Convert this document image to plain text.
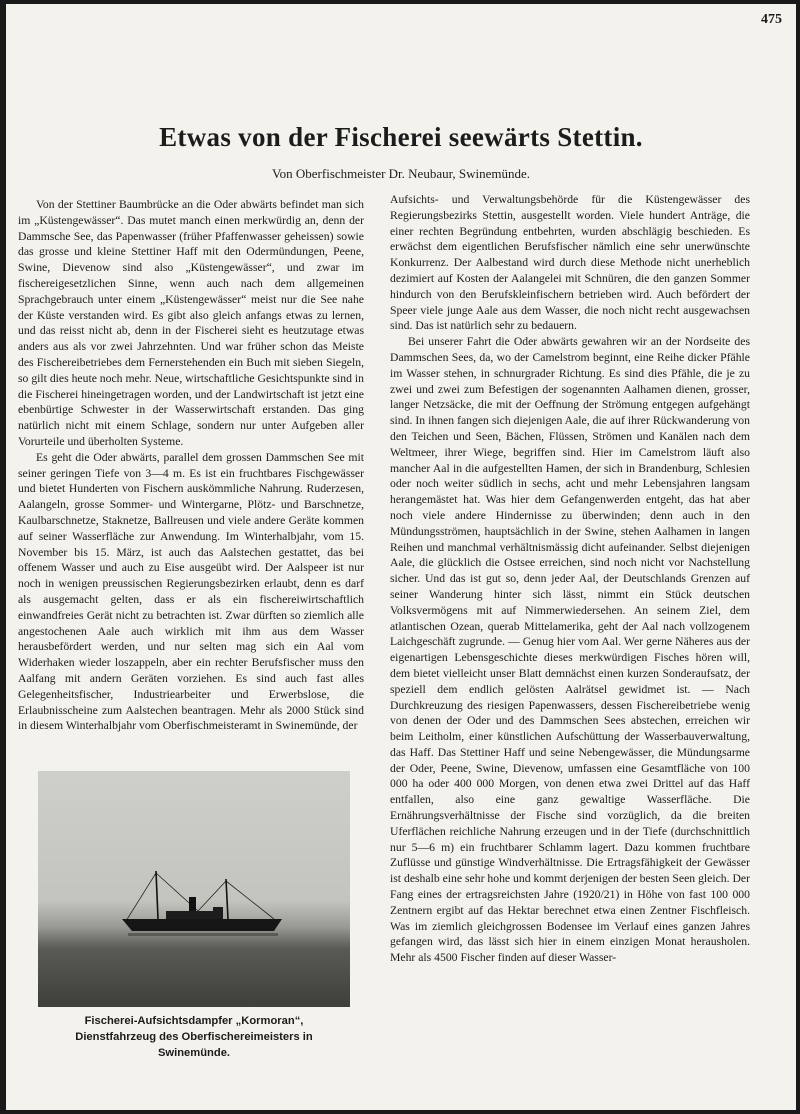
475
Etwas von der Fischerei seewärts Stettin.
Von Oberfischmeister Dr. Neubaur, Swinemünde.

Von der Stettiner Baumbrücke an die Oder abwärts befindet man sich im „Küstengewässer“. Das mutet manch einen merkwürdig an, denn der Dammsche See, das Papenwasser (früher Pfaffenwasser geheissen) sowie das grosse und kleine Stettiner Haff mit den Odermündungen, Peene, Swine, Dievenow sind also „Küstengewässer“, und zwar im fischereigesetzlichen Sinne, wenn auch nach dem allgemeinen Sprachgebrauch unter einem „Küstengewässer“ meist nur die See nahe der Küste verstanden wird. Es gibt also gleich anfangs etwas zu lernen, und das reisst nicht ab, denn in der Fischerei sieht es heutzutage etwas anders aus als vor zwei Jahrzehnten. Und war früher schon das Meiste des Fischereibetriebes dem Fernerstehenden ein Buch mit sieben Siegeln, so gilt dies heute noch mehr. Neue, wirtschaftliche Gesichtspunkte sind in die Fischerei hineingetragen worden, und der Landwirtschaft ist jetzt eine ebenbürtige Schwester in der Wasserwirtschaft erstanden. Das ging natürlich nicht mit einem Schlage, sondern nur unter Aufgeben aller Vorurteile und überholten Systeme.

Es geht die Oder abwärts, parallel dem grossen Dammschen See mit seiner geringen Tiefe von 3—4 m. Es ist ein fruchtbares Fischgewässer und bietet Hunderten von Fischern auskömmliche Nahrung. Ruderzesen, Aalangeln, grosse Sommer- und Wintergarne, Plötz- und Barschnetze, Kaulbarschnetze, Staknetze, Ballreusen und viele andere Geräte kommen auf seiner Wasserfläche zur Anwendung. Im Winterhalbjahr, vom 15. November bis 15. März, ist auch das Aalstechen gestattet, das bei offenem Wasser und auch zu Eise ausgeübt wird. Der Aalspeer ist nur noch in wenigen preussischen Regierungsbezirken erlaubt, denn es darf als ausgemacht gelten, dass er als ein fischereiwirtschaftlich einwandfreies Gerät nicht zu betrachten ist. Zwar dürften so ziemlich alle angestochenen Aale auch wirklich mit ihm aus dem Wasser herausbefördert werden, und nur selten mag sich ein Aal vom Widerhaken wieder loszappeln, aber ein rechter Berufsfischer muss den Aalfang mit andern Geräten vorziehen. Es sind auch fast alles Gelegenheitsfischer, Industriearbeiter und Erwerbslose, die Erlaubnisscheine zum Aalstechen beantragen. Mehr als 2000 Stück sind in diesem Winterhalbjahr vom Oberfischmeisteramt in Swinemünde, der

Aufsichts- und Verwaltungsbehörde für die Küstengewässer des Regierungsbezirks Stettin, ausgestellt worden. Viele hundert Anträge, die einer rechten Begründung entbehrten, wurden abschlägig beschieden. Es erwächst dem eigentlichen Berufsfischer nämlich eine sehr unerwünschte Konkurrenz. Der Aalbestand wird durch diese Methode nicht unerheblich dezimiert auf Kosten der Aalangelei mit Schnüren, die den ganzen Sommer hindurch von den Berufskleinfischern betrieben wird. Auch befördert der Speer viele junge Aale aus dem Wasser, die noch nicht recht ausgewachsen sind. Das ist natürlich sehr zu bedauern.

Bei unserer Fahrt die Oder abwärts gewahren wir an der Nordseite des Dammschen Sees, da, wo der Camelstrom beginnt, eine Reihe dicker Pfähle im Wasser stehen, in schnurgrader Richtung. Es sind dies Pfähle, die je zu zwei und zwei zum Befestigen der sogenannten Aalhamen dienen, grosser, langer Netzsäcke, die mit der Oeffnung der Strömung entgegen aufgehängt sind. In ihnen fangen sich diejenigen Aale, die auf ihrer Rückwanderung von den Teichen und Seen, Bächen, Flüssen, Strömen und Kanälen nach dem Weltmeer, ihrer Wiege, begriffen sind. Hier im Camelstrom läuft also mancher Aal in die aufgestellten Hamen, der sich in Brandenburg, Schlesien oder noch weiter südlich in sechs, acht und mehr Lebensjahren langsam herangemästet hat. Was hier dem Gefangenwerden entgeht, das hat aber noch viele andere Hindernisse zu überwinden; denn auch in den Mündungsströmen, hauptsächlich in der Swine, stehen Aalhamen in langen Reihen und manchmal verhältnismässig dicht aufeinander. Selbst diejenigen Aale, die glücklich die Ostsee erreichen, sind noch nicht vor Nachstellung sicher. Und das ist gut so, denn jeder Aal, der Deutschlands Grenzen auf seiner Wanderung hinter sich lässt, nimmt ein Stück deutschen Volksvermögens mit auf Nimmerwiedersehen. An seinem Ziel, dem atlantischen Ozean, querab Mittelamerika, geht der Aal nach vollzogenem Laichgeschäft zugrunde. — Genug hier vom Aal. Wer gerne Näheres aus der eigenartigen Lebensgeschichte dieses merkwürdigen Fisches hören will, dem bietet vielleicht unser Blatt demnächst einen kurzen Sonderaufsatz, der speziell dem endlich gelösten Aalrätsel gewidmet ist. — Nach Durchkreuzung des riesigen Papenwassers, dessen Fischereibetriebe wenig von denen der Oder und des Dammschen Sees abstechen, erreichen wir beim Leitholm, einer künstlichen Aufschüttung der Wasserbauverwaltung, das Haff. Das Stettiner Haff und seine Nebengewässer, die Mündungsarme der Oder, Peene, Swine, Dievenow, umfassen eine Gesamtfläche von 100 000 ha oder 400 000 Morgen, von denen etwa zwei Drittel auf das Haff entfallen, also eine ganz gewaltige Wasserfläche. Die Ernährungsverhältnisse der Fische sind vorzüglich, da die breiten Uferflächen reichliche Nahrung erzeugen und in der Tiefe (durchschnittlich nur 5—6 m) ein fruchtbarer Schlamm lagert. Dazu kommen fruchtbare Zuflüsse und günstige Windverhältnisse. Die Ertragsfähigkeit der Gewässer ist deshalb eine sehr hohe und kommt derjenigen der besten Seen gleich. Der Fang eines der ertragsreichsten Jahre (1920/21) in Höhe von fast 100 000 Zentnern ergibt auf das Hektar berechnet etwa einen Zentner Fischfleisch. Was im ziemlich gleichgrossen Bodensee im Verlauf eines ganzen Jahres gefangen wird, das lässt sich hier in einem einzigen Monat herausholen. Mehr als 4500 Fischer finden auf dieser Wasser-

Fischerei-Aufsichtsdampfer „Kormoran“,
Dienstfahrzeug des Oberfischereimeisters in Swinemünde.
